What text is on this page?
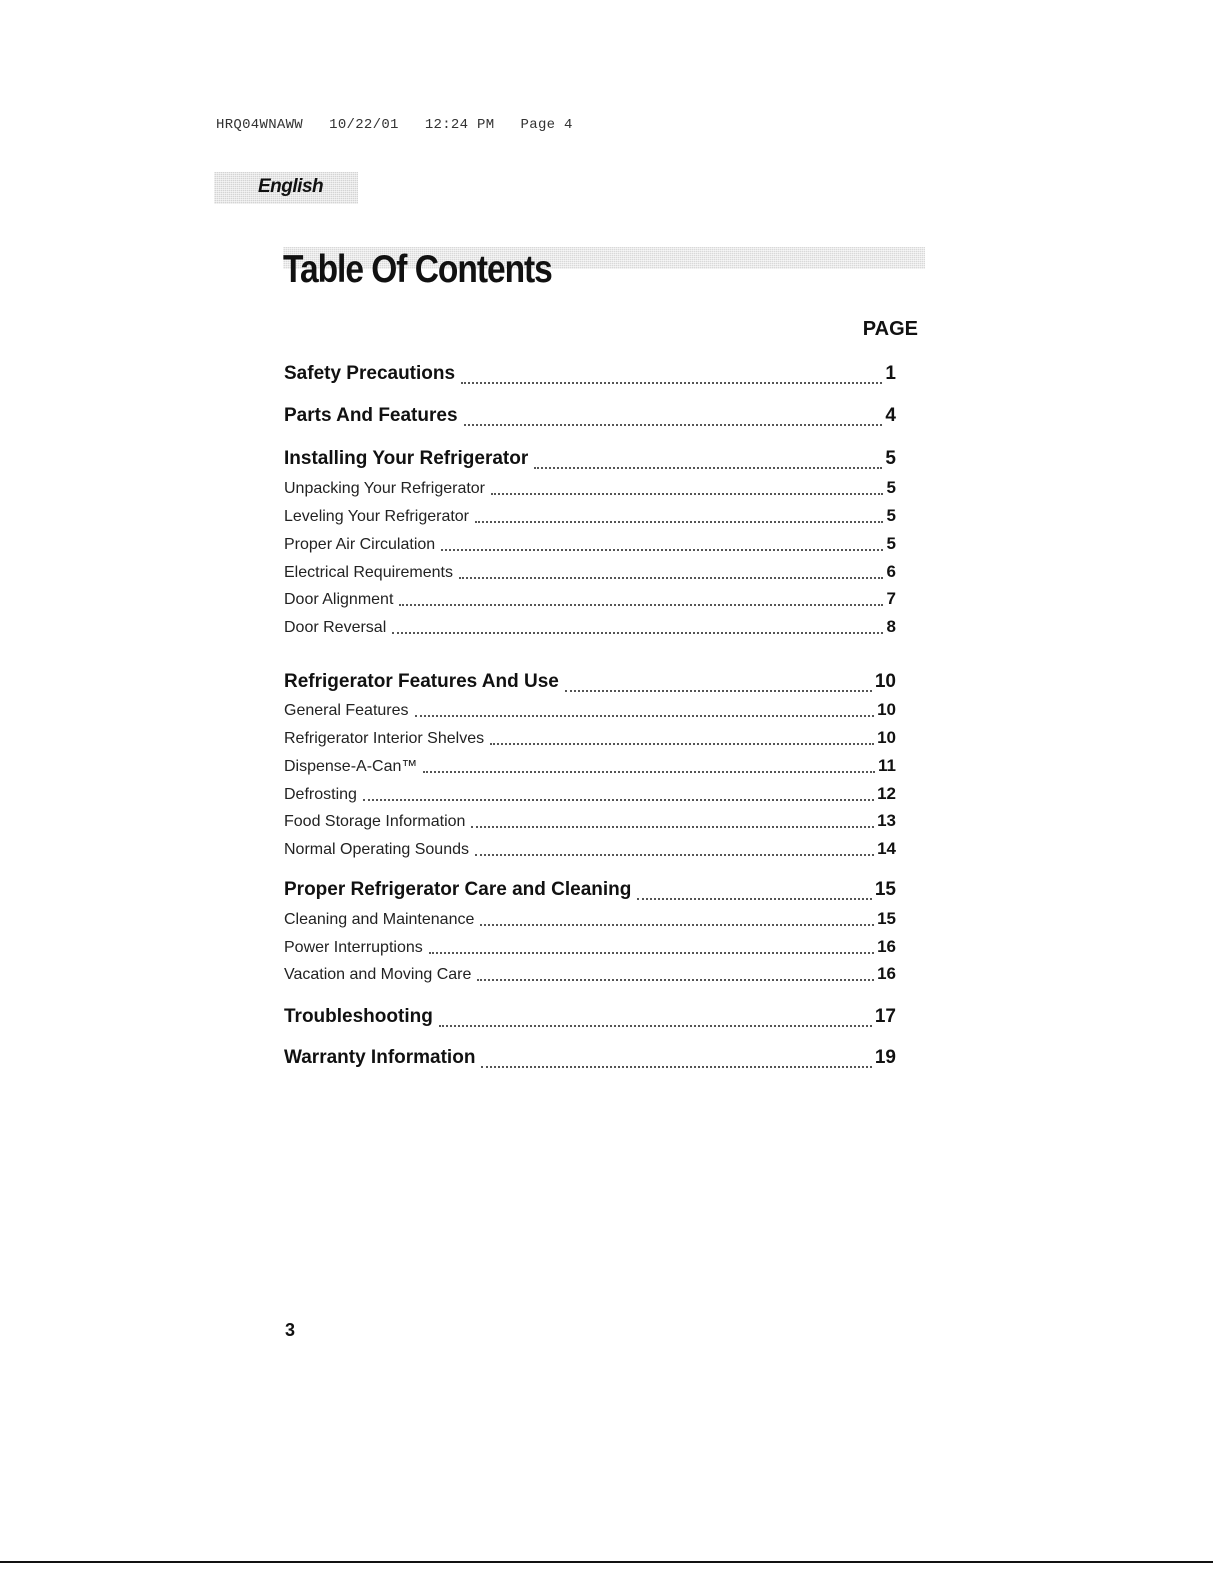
HRQ04WNAWW   10/22/01   12:24 PM   Page 4
English
Table Of Contents
PAGE
Safety Precautions	1
Parts And Features	4
Installing Your Refrigerator	5
Unpacking Your Refrigerator	5
Leveling Your Refrigerator	5
Proper Air Circulation	5
Electrical Requirements	6
Door Alignment	7
Door Reversal	8
Refrigerator Features And Use	10
General Features	10
Refrigerator Interior Shelves	10
Dispense-A-Can™	11
Defrosting	12
Food Storage Information	13
Normal Operating Sounds	14
Proper Refrigerator Care and Cleaning	15
Cleaning and Maintenance	15
Power Interruptions	16
Vacation and Moving Care	16
Troubleshooting	17
Warranty Information	19
3
